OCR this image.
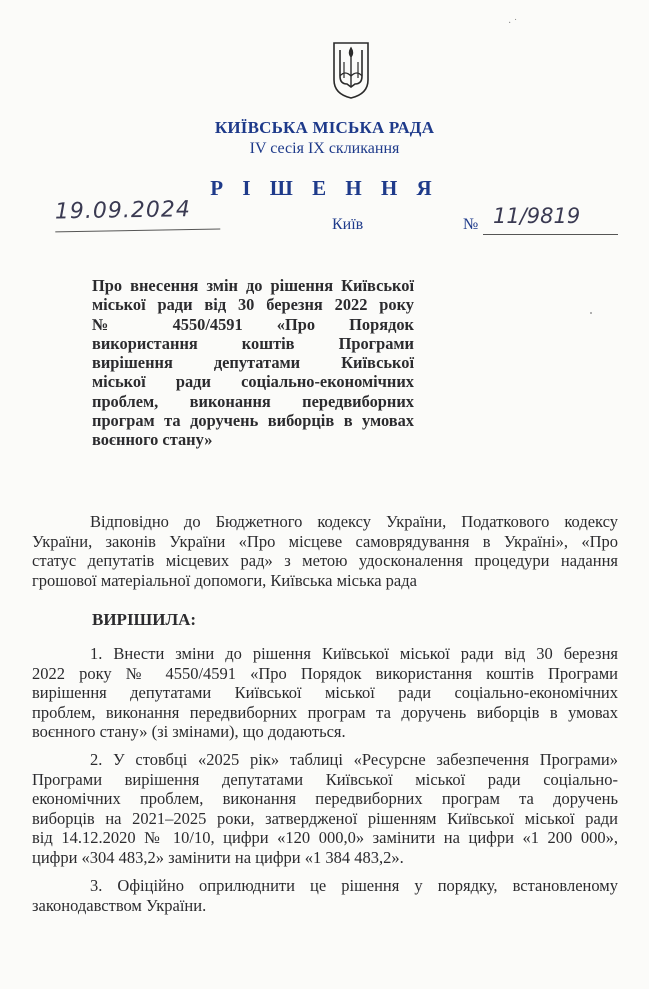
· ˙
КИЇВСЬКА МІСЬКА РАДА
IV сесія IX скликання
Р І Ш Е Н Н Я
19.09.2024
Київ	№ 11/9819
Про внесення змін до рішення Київської
міської ради від 30 березня 2022 року
№ 4550/4591 «Про Порядок
використання коштів Програми
вирішення депутатами Київської
міської ради соціально-економічних
проблем, виконання передвиборних
програм та доручень виборців в умовах
воєнного стану»
Відповідно до Бюджетного кодексу України, Податкового кодексу
України, законів України «Про місцеве самоврядування в Україні», «Про
статус депутатів місцевих рад» з метою удосконалення процедури надання
грошової матеріальної допомоги, Київська міська рада
ВИРІШИЛА:
1. Внести зміни до рішення Київської міської ради від 30 березня
2022 року № 4550/4591 «Про Порядок використання коштів Програми
вирішення депутатами Київської міської ради соціально-економічних
проблем, виконання передвиборних програм та доручень виборців в умовах
воєнного стану» (зі змінами), що додаються.
2. У стовбці «2025 рік» таблиці «Ресурсне забезпечення Програми»
Програми вирішення депутатами Київської міської ради соціально-
економічних проблем, виконання передвиборних програм та доручень
виборців на 2021–2025 роки, затвердженої рішенням Київської міської ради
від 14.12.2020 № 10/10, цифри «120 000,0» замінити на цифри «1 200 000»,
цифри «304 483,2» замінити на цифри «1 384 483,2».
3. Офіційно оприлюднити це рішення у порядку, встановленому
законодавством України.
